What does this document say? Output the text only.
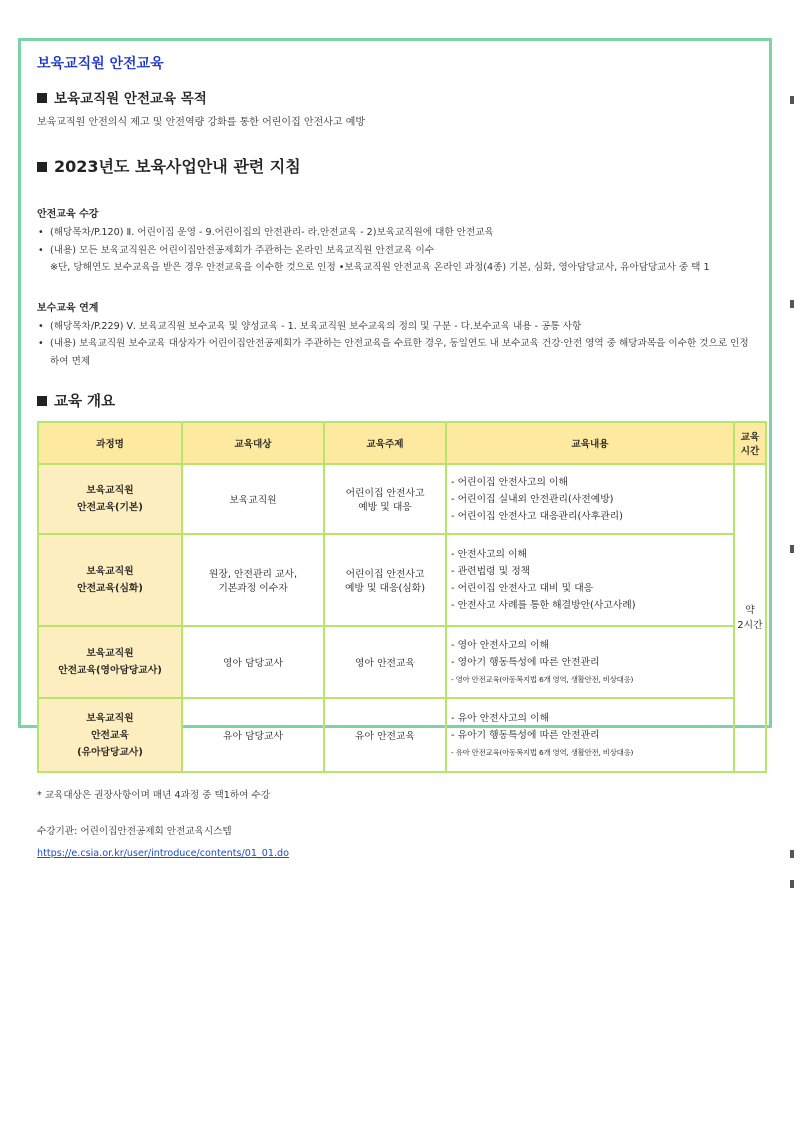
보육교직원 안전교육
보육교직원 안전교육 목적

보육교직원 안전의식 제고 및 안전역량 강화를 통한 어린이집 안전사고 예방

2023년도 보육사업안내 관련 지침
안전교육 수강
• (해당목차/P.120) Ⅱ. 어린이집 운영 - 9.어린이집의 안전관리- 라.안전교육 - 2)보육교직원에 대한 안전교육
• (내용) 모든 보육교직원은 어린이집안전공제회가 주관하는 온라인 보육교직원 안전교육 이수

※단, 당해연도 보수교육을 받은 경우 안전교육을 이수한 것으로 인정 •보육교직원 안전교육 온라인 과정(4종) 기본, 심화, 영아담당교사, 유아담당교사 중 택 1

보수교육 연계
• (해당목차/P.229) Ⅴ. 보육교직원 보수교육 및 양성교육 - 1. 보육교직원 보수교육의 정의 및 구분 - 다.보수교육 내용 - 공통 사항
• (내용) 보육교직원 보수교육 대상자가 어린이집안전공제회가 주관하는 안전교육을 수료한 경우, 동일연도 내 보수교육 건강·안전 영역 중 해당과목을 이수한 것으로 인정하여 면제
교육 개요
과정명	교육대상	교육주제	교육내용	교육
시간
보육교직원
안전교육(기본)	보육교직원	어린이집 안전사고
예방 및 대응	- 어린이집 안전사고의 이해
- 어린이집 실내외 안전관리(사전예방)
- 어린이집 안전사고 대응관리(사후관리)	약
2시간
보육교직원
안전교육(심화)	원장, 안전관리 교사,
기본과정 이수자	어린이집 안전사고
예방 및 대응(심화)	- 안전사고의 이해
- 관련법령 및 정책
- 어린이집 안전사고 대비 및 대응
- 안전사고 사례를 통한 해결방안(사고사례)	

보육교직원
안전교육(영아담당교사)	영아 담당교사	영아 안전교육	- 영아 안전사고의 이해
- 영아기 행동특성에 따른 안전관리
- 영아 안전교육(아동복지법 6개 영역, 생활안전, 비상대응)	

보육교직원
안전교육
(유아담당교사)	유아 담당교사	유아 안전교육	- 유아 안전사고의 이해
- 유아기 행동특성에 따른 안전관리
- 유아 안전교육(아동복지법 6개 영역, 생활안전, 비상대응)	

* 교육대상은 권장사항이며 매년 4과정 중 택1하여 수강

수강기관: 어린이집안전공제회 안전교육시스템

https://e.csia.or.kr/user/introduce/contents/01_01.do
